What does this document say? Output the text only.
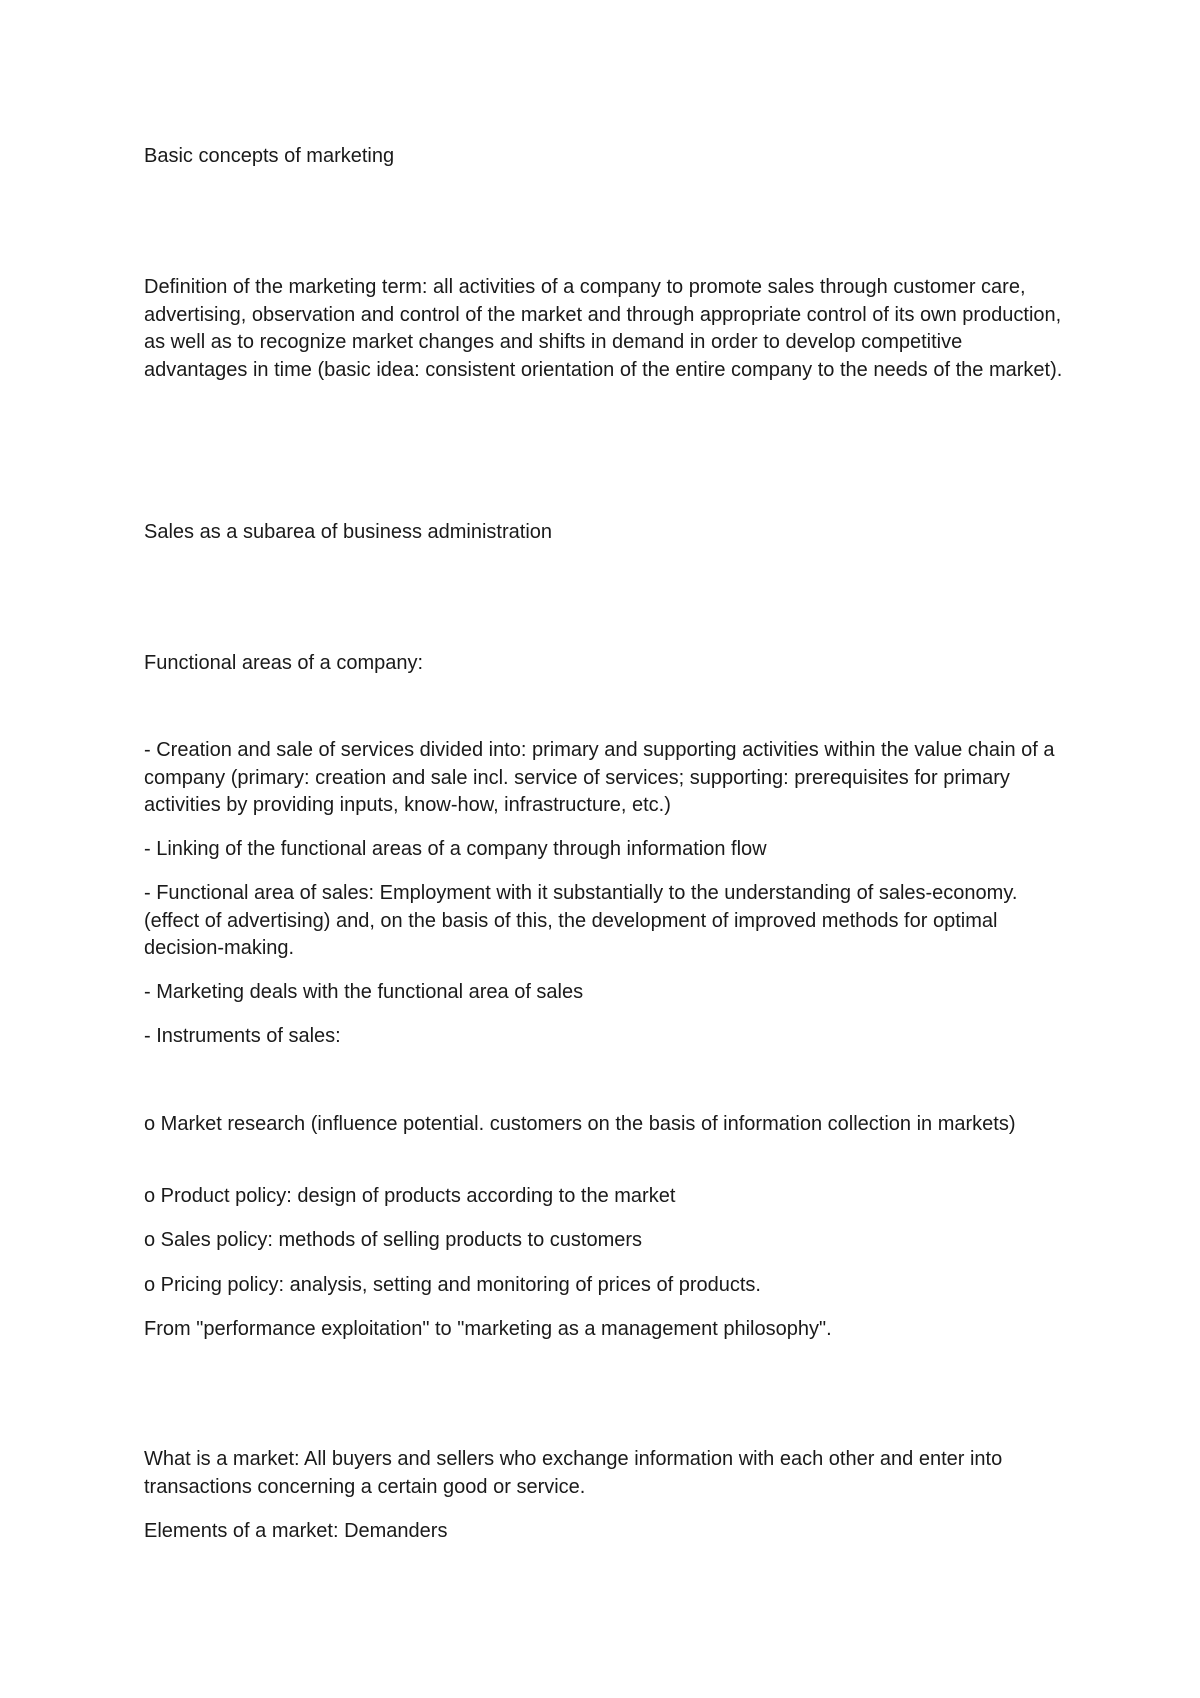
Basic concepts of marketing

Definition of the marketing term: all activities of a company to promote sales through customer care, advertising, observation and control of the market and through appropriate control of its own production, as well as to recognize market changes and shifts in demand in order to develop competitive advantages in time (basic idea: consistent orientation of the entire company to the needs of the market).

Sales as a subarea of business administration

Functional areas of a company:

- Creation and sale of services divided into: primary and supporting activities within the value chain of a company (primary: creation and sale incl. service of services; supporting: prerequisites for primary activities by providing inputs, know-how, infrastructure, etc.)

- Linking of the functional areas of a company through information flow

- Functional area of sales: Employment with it substantially to the understanding of sales-economy. (effect of advertising) and, on the basis of this, the development of improved methods for optimal decision-making.

- Marketing deals with the functional area of sales

- Instruments of sales:

o Market research (influence potential. customers on the basis of information collection in markets)

o Product policy: design of products according to the market

o Sales policy: methods of selling products to customers

o Pricing policy: analysis, setting and monitoring of prices of products.

From "performance exploitation" to "marketing as a management philosophy".

What is a market: All buyers and sellers who exchange information with each other and enter into transactions concerning a certain good or service.

Elements of a market: Demanders
